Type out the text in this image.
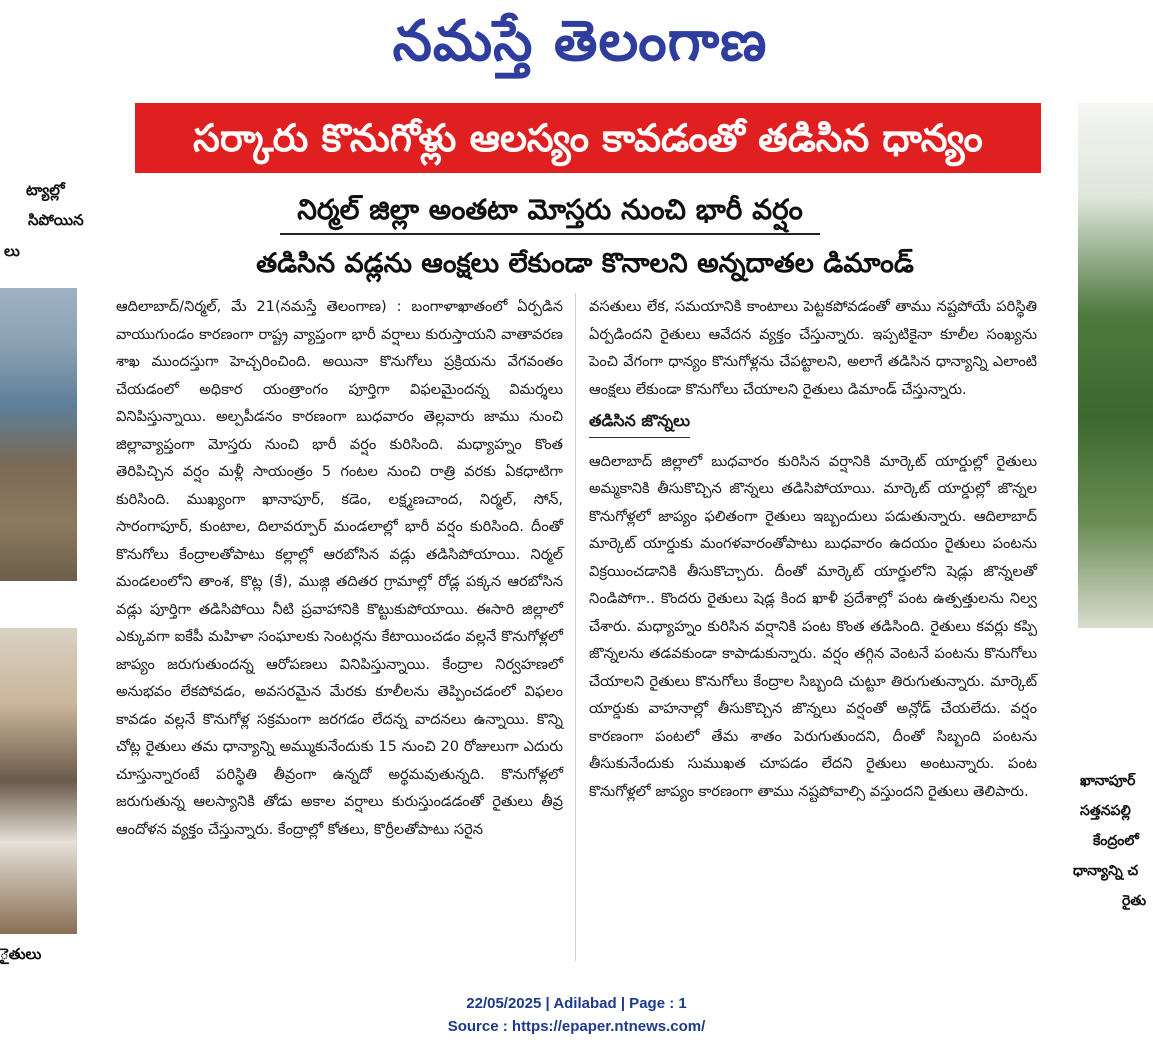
నమస్తే తెలంగాణ
సర్కారు కొనుగోళ్లు ఆలస్యం కావడంతో తడిసిన ధాన్యం
నిర్మల్ జిల్లా అంతటా మోస్తరు నుంచి భారీ వర్షం
తడిసిన వడ్లను ఆంక్షలు లేకుండా కొనాలని అన్నదాతల డిమాండ్
ట్యాల్లో
సిపోయిన
లు
ైతులు
ఖానాపూర్
సత్తనపల్లి
కేంద్రంలో
ధాన్యాన్ని చ
రైతు

ఆదిలాబాద్/నిర్మల్, మే 21(నమస్తే తెలంగాణ) : బంగాళాఖాతంలో ఏర్పడిన వాయుగుండం కారణంగా రాష్ట్ర వ్యాప్తంగా భారీ వర్షాలు కురుస్తాయని వాతావరణ శాఖ ముందస్తుగా హెచ్చరించింది. అయినా కొనుగోలు ప్రక్రియను వేగవంతం చేయడంలో అధికార యంత్రాంగం పూర్తిగా విఫలమైందన్న విమర్శలు వినిపిస్తున్నాయి. అల్పపీడనం కారణంగా బుధవారం తెల్లవారు జాము నుంచి జిల్లావ్యాప్తంగా మోస్తరు నుంచి భారీ వర్షం కురిసింది. మధ్యాహ్నం కొంత తెరిపిచ్చిన వర్షం మళ్లీ సాయంత్రం 5 గంటల నుంచి రాత్రి వరకు ఏకధాటిగా కురిసింది. ముఖ్యంగా ఖానాపూర్, కడెం, లక్ష్మణచాంద, నిర్మల్, సోన్, సారంగాపూర్, కుంటాల, దిలావర్పూర్ మండలాల్లో భారీ వర్షం కురిసింది. దీంతో కొనుగోలు కేంద్రాలతోపాటు కల్లాల్లో ఆరబోసిన వడ్లు తడిసిపోయాయి. నిర్మల్ మండలంలోని తాంశ, కొట్ల (కే), ముజ్గి తదితర గ్రామాల్లో రోడ్ల పక్కన ఆరబోసిన వడ్లు పూర్తిగా తడిసిపోయి నీటి ప్రవాహానికి కొట్టుకుపోయాయి. ఈసారి జిల్లాలో ఎక్కువగా ఐకేపీ మహిళా సంఘాలకు సెంటర్లను కేటాయించడం వల్లనే కొనుగోళ్లలో జాప్యం జరుగుతుందన్న ఆరోపణలు వినిపిస్తున్నాయి. కేంద్రాల నిర్వహణలో అనుభవం లేకపోవడం, అవసరమైన మేరకు కూలీలను తెప్పించడంలో విఫలం కావడం వల్లనే కొనుగోళ్ల సక్రమంగా జరగడం లేదన్న వాదనలు ఉన్నాయి. కొన్ని చోట్ల రైతులు తమ ధాన్యాన్ని అమ్ముకునేందుకు 15 నుంచి 20 రోజులుగా ఎదురు చూస్తున్నారంటే పరిస్థితి తీవ్రంగా ఉన్నదో అర్థమవుతున్నది. కొనుగోళ్లలో జరుగుతున్న ఆలస్యానికి తోడు అకాల వర్షాలు కురుస్తుండడంతో రైతులు తీవ్ర ఆందోళన వ్యక్తం చేస్తున్నారు. కేంద్రాల్లో కోతలు, కొర్రీలతోపాటు సరైన

వసతులు లేక, సమయానికి కాంటాలు పెట్టకపోవడంతో తాము నష్టపోయే పరిస్థితి ఏర్పడిందని రైతులు ఆవేదన వ్యక్తం చేస్తున్నారు. ఇప్పటికైనా కూలీల సంఖ్యను పెంచి వేగంగా ధాన్యం కొనుగోళ్లను చేపట్టాలని, అలాగే తడిసిన ధాన్యాన్ని ఎలాంటి ఆంక్షలు లేకుండా కొనుగోలు చేయాలని రైతులు డిమాండ్ చేస్తున్నారు.

తడిసిన జొన్నలు

ఆదిలాబాద్ జిల్లాలో బుధవారం కురిసిన వర్షానికి మార్కెట్ యార్డుల్లో రైతులు అమ్మకానికి తీసుకొచ్చిన జొన్నలు తడిసిపోయాయి. మార్కెట్ యార్డుల్లో జొన్నల కొనుగోళ్లలో జాప్యం ఫలితంగా రైతులు ఇబ్బందులు పడుతున్నారు. ఆదిలాబాద్ మార్కెట్ యార్డుకు మంగళవారంతోపాటు బుధవారం ఉదయం రైతులు పంటను విక్రయించడానికి తీసుకొచ్చారు. దీంతో మార్కెట్ యార్డులోని షెడ్లు జొన్నలతో నిండిపోగా.. కొందరు రైతులు షెడ్ల కింద ఖాళీ ప్రదేశాల్లో పంట ఉత్పత్తులను నిల్వ చేశారు. మధ్యాహ్నం కురిసిన వర్షానికి పంట కొంత తడిసింది. రైతులు కవర్లు కప్పి జొన్నలను తడవకుండా కాపాడుకున్నారు. వర్షం తగ్గిన వెంటనే పంటను కొనుగోలు చేయాలని రైతులు కొనుగోలు కేంద్రాల సిబ్బంది చుట్టూ తిరుగుతున్నారు. మార్కెట్ యార్డుకు వాహనాల్లో తీసుకొచ్చిన జొన్నలు వర్షంతో అన్లోడ్ చేయలేదు. వర్షం కారణంగా పంటలో తేమ శాతం పెరుగుతుందని, దీంతో సిబ్బంది పంటను తీసుకునేందుకు సుముఖత చూపడం లేదని రైతులు అంటున్నారు. పంట కొనుగోళ్లలో జాప్యం కారణంగా తాము నష్టపోవాల్సి వస్తుందని రైతులు తెలిపారు.

22/05/2025 | Adilabad | Page : 1
Source : https://epaper.ntnews.com/
